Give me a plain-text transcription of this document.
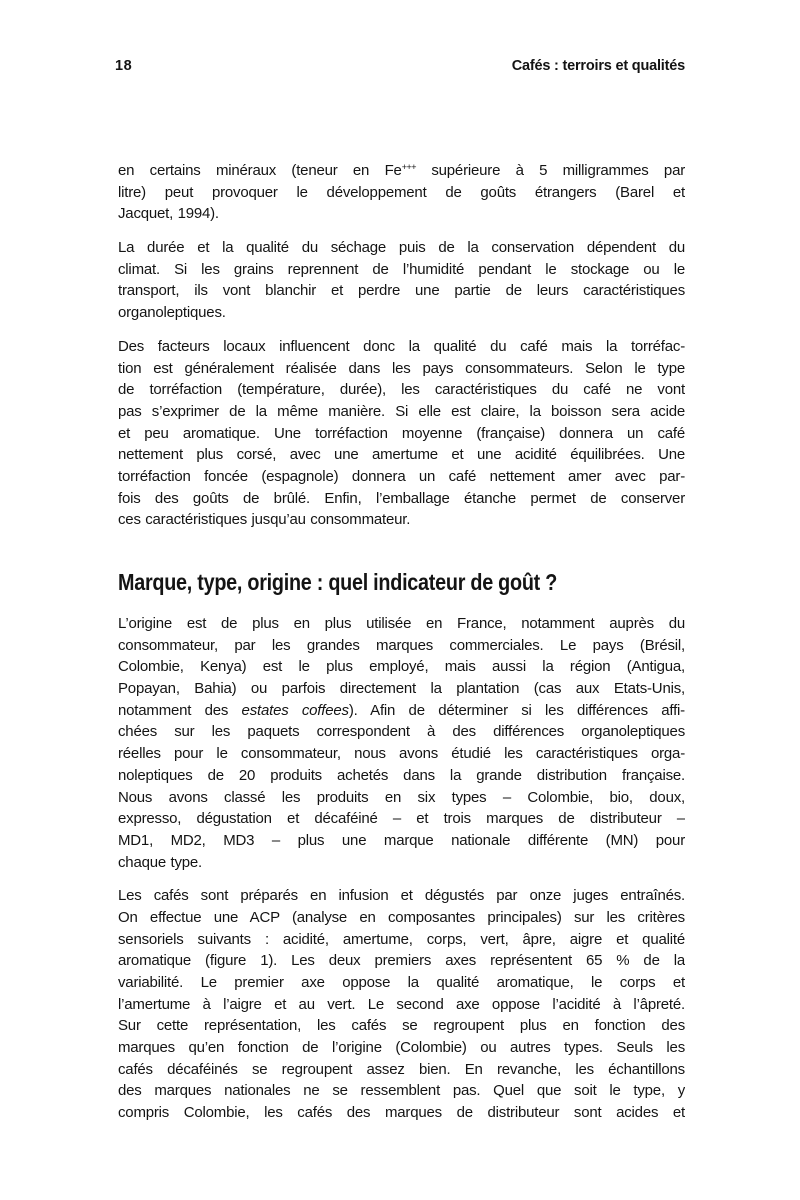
18	Cafés : terroirs et qualités
en certains minéraux (teneur en Fe+++ supérieure à 5 milligrammes par
litre) peut provoquer le développement de goûts étrangers (Barel et
Jacquet, 1994).
La durée et la qualité du séchage puis de la conservation dépendent du
climat. Si les grains reprennent de l’humidité pendant le stockage ou le
transport, ils vont blanchir et perdre une partie de leurs caractéristiques
organoleptiques.
Des facteurs locaux influencent donc la qualité du café mais la torréfac-
tion est généralement réalisée dans les pays consommateurs. Selon le type
de torréfaction (température, durée), les caractéristiques du café ne vont
pas s’exprimer de la même manière. Si elle est claire, la boisson sera acide
et peu aromatique. Une torréfaction moyenne (française) donnera un café
nettement plus corsé, avec une amertume et une acidité équilibrées. Une
torréfaction foncée (espagnole) donnera un café nettement amer avec par-
fois des goûts de brûlé. Enfin, l’emballage étanche permet de conserver
ces caractéristiques jusqu’au consommateur.
Marque, type, origine : quel indicateur de goût ?
L’origine est de plus en plus utilisée en France, notamment auprès du
consommateur, par les grandes marques commerciales. Le pays (Brésil,
Colombie, Kenya) est le plus employé, mais aussi la région (Antigua,
Popayan, Bahia) ou parfois directement la plantation (cas aux Etats-Unis,
notamment des estates coffees). Afin de déterminer si les différences affi-
chées sur les paquets correspondent à des différences organoleptiques
réelles pour le consommateur, nous avons étudié les caractéristiques orga-
noleptiques de 20 produits achetés dans la grande distribution française.
Nous avons classé les produits en six types – Colombie, bio, doux,
expresso, dégustation et décaféiné – et trois marques de distributeur –
MD1, MD2, MD3 – plus une marque nationale différente (MN) pour
chaque type.
Les cafés sont préparés en infusion et dégustés par onze juges entraînés.
On effectue une ACP (analyse en composantes principales) sur les critères
sensoriels suivants : acidité, amertume, corps, vert, âpre, aigre et qualité
aromatique (figure 1). Les deux premiers axes représentent 65 % de la
variabilité. Le premier axe oppose la qualité aromatique, le corps et
l’amertume à l’aigre et au vert. Le second axe oppose l’acidité à l’âpreté.
Sur cette représentation, les cafés se regroupent plus en fonction des
marques qu’en fonction de l’origine (Colombie) ou autres types. Seuls les
cafés décaféinés se regroupent assez bien. En revanche, les échantillons
des marques nationales ne se ressemblent pas. Quel que soit le type, y
compris Colombie, les cafés des marques de distributeur sont acides et
